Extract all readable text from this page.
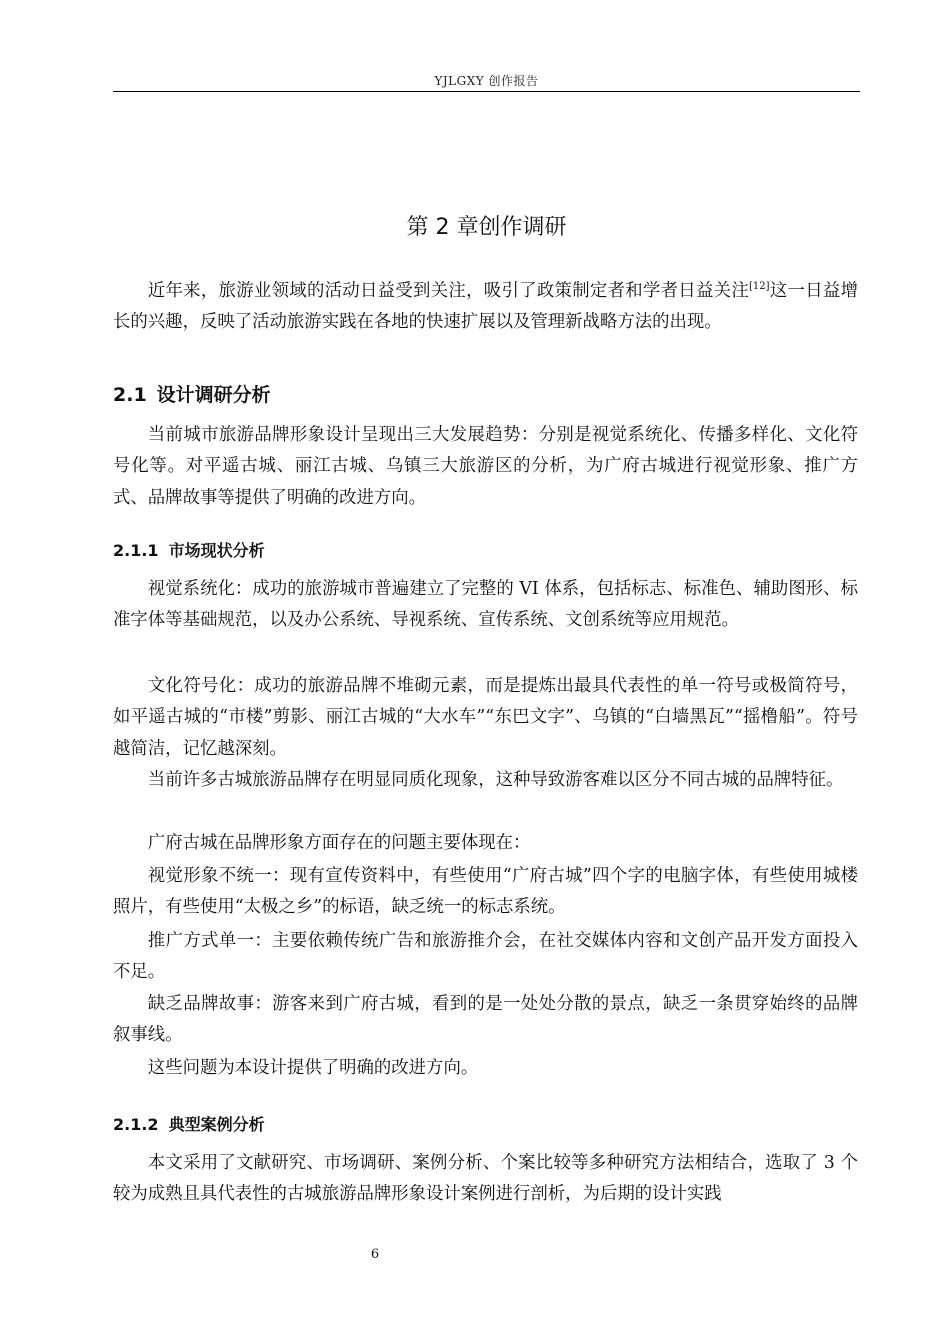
YJLGXY 创作报告
第 2 章创作调研

近年来，旅游业领域的活动日益受到关注，吸引了政策制定者和学者日益关注[12]这一日益增长的兴趣，反映了活动旅游实践在各地的快速扩展以及管理新战略方法的出现。

2.1 设计调研分析

当前城市旅游品牌形象设计呈现出三大发展趋势：分别是视觉系统化、传播多样化、文化符号化等。对平遥古城、丽江古城、乌镇三大旅游区的分析，为广府古城进行视觉形象、推广方式、品牌故事等提供了明确的改进方向。

2.1.1 市场现状分析

视觉系统化：成功的旅游城市普遍建立了完整的 VI 体系，包括标志、标准色、辅助图形、标准字体等基础规范，以及办公系统、导视系统、宣传系统、文创系统等应用规范。

文化符号化：成功的旅游品牌不堆砌元素，而是提炼出最具代表性的单一符号或极简符号，如平遥古城的“市楼”剪影、丽江古城的“大水车”“东巴文字”、乌镇的“白墙黑瓦”“摇橹船”。符号越简洁，记忆越深刻。

当前许多古城旅游品牌存在明显同质化现象，这种导致游客难以区分不同古城的品牌特征。

广府古城在品牌形象方面存在的问题主要体现在：

视觉形象不统一：现有宣传资料中，有些使用“广府古城”四个字的电脑字体，有些使用城楼照片，有些使用“太极之乡”的标语，缺乏统一的标志系统。

推广方式单一：主要依赖传统广告和旅游推介会，在社交媒体内容和文创产品开发方面投入不足。

缺乏品牌故事：游客来到广府古城，看到的是一处处分散的景点，缺乏一条贯穿始终的品牌叙事线。

这些问题为本设计提供了明确的改进方向。

2.1.2 典型案例分析

本文采用了文献研究、市场调研、案例分析、个案比较等多种研究方法相结合，选取了 3 个较为成熟且具代表性的古城旅游品牌形象设计案例进行剖析，为后期的设计实践

6
